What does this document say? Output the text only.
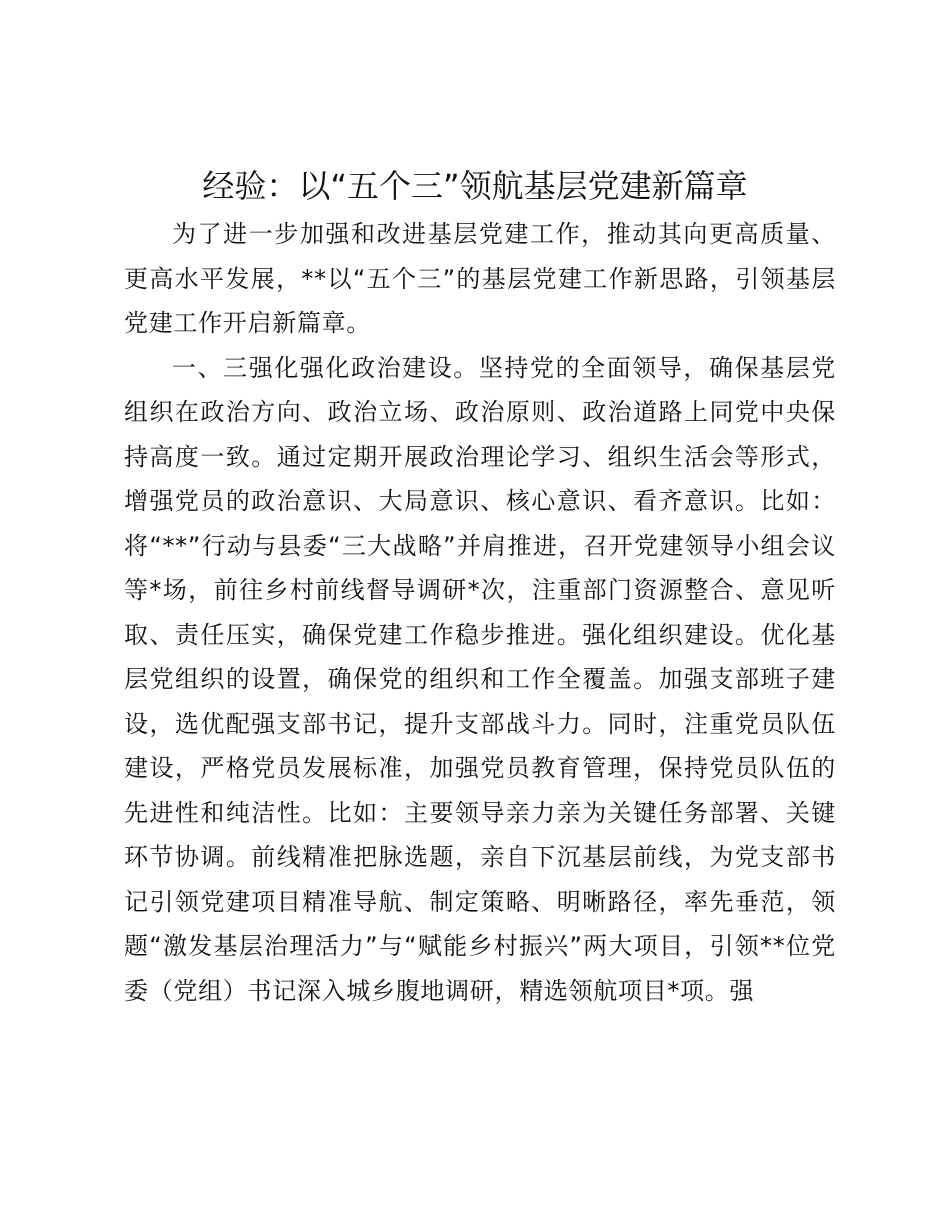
经验：以“五个三”领航基层党建新篇章

为了进一步加强和改进基层党建工作，推动其向更高质量、更高水平发展，**以“五个三”的基层党建工作新思路，引领基层党建工作开启新篇章。

一、三强化强化政治建设。坚持党的全面领导，确保基层党组织在政治方向、政治立场、政治原则、政治道路上同党中央保持高度一致。通过定期开展政治理论学习、组织生活会等形式，增强党员的政治意识、大局意识、核心意识、看齐意识。比如：将“**”行动与县委“三大战略”并肩推进，召开党建领导小组会议等*场，前往乡村前线督导调研*次，注重部门资源整合、意见听取、责任压实，确保党建工作稳步推进。强化组织建设。优化基层党组织的设置，确保党的组织和工作全覆盖。加强支部班子建设，选优配强支部书记，提升支部战斗力。同时，注重党员队伍建设，严格党员发展标准，加强党员教育管理，保持党员队伍的先进性和纯洁性。比如：主要领导亲力亲为关键任务部署、关键环节协调。前线精准把脉选题，亲自下沉基层前线，为党支部书记引领党建项目精准导航、制定策略、明晰路径，率先垂范，领题“激发基层治理活力”与“赋能乡村振兴”两大项目，引领**位党委（党组）书记深入城乡腹地调研，精选领航项目*项。强
